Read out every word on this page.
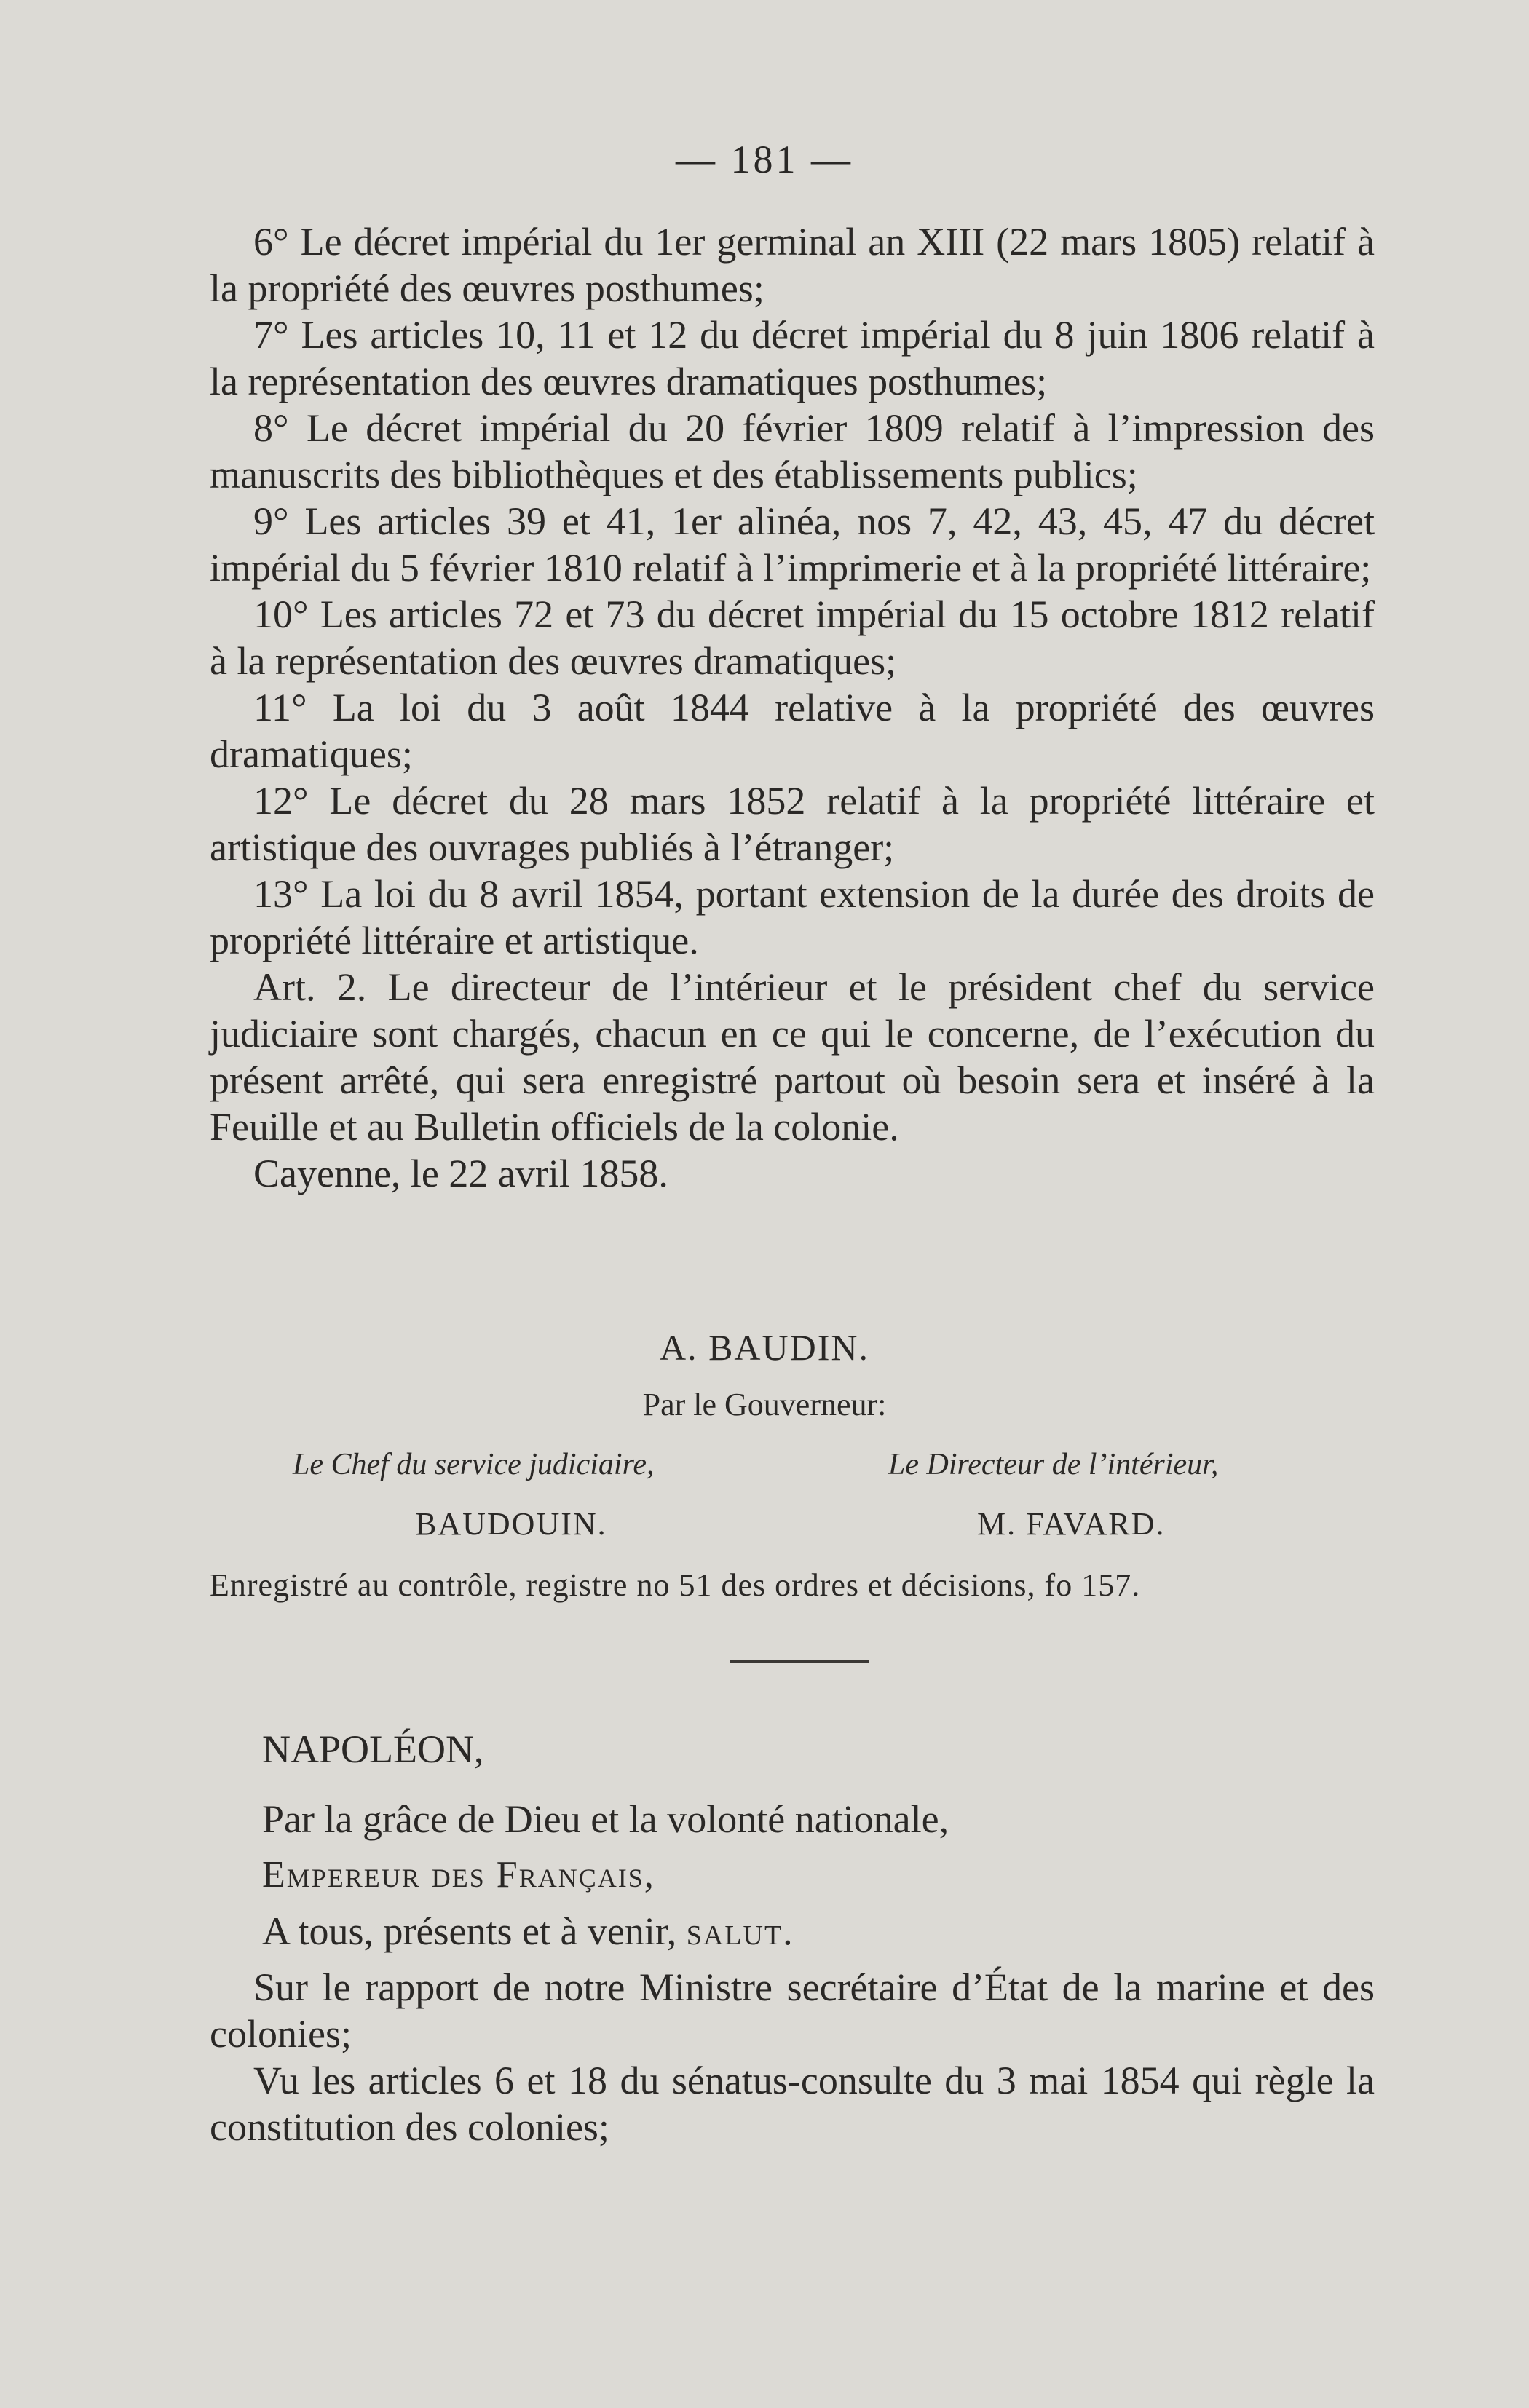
— 181 —

6° Le décret impérial du 1er germinal an XIII (22 mars 1805) relatif à la propriété des œuvres posthumes;

7° Les articles 10, 11 et 12 du décret impérial du 8 juin 1806 relatif à la représentation des œuvres dramatiques posthumes;

8° Le décret impérial du 20 février 1809 relatif à l’impression des manuscrits des bibliothèques et des établissements publics;

9° Les articles 39 et 41, 1er alinéa, nos 7, 42, 43, 45, 47 du décret impérial du 5 février 1810 relatif à l’imprimerie et à la propriété littéraire;

10° Les articles 72 et 73 du décret impérial du 15 octobre 1812 relatif à la représentation des œuvres dramatiques;

11° La loi du 3 août 1844 relative à la propriété des œuvres dramatiques;

12° Le décret du 28 mars 1852 relatif à la propriété littéraire et artistique des ouvrages publiés à l’étranger;

13° La loi du 8 avril 1854, portant extension de la durée des droits de propriété littéraire et artistique.

Art. 2. Le directeur de l’intérieur et le président chef du service judiciaire sont chargés, chacun en ce qui le concerne, de l’exécution du présent arrêté, qui sera enregistré partout où besoin sera et inséré à la Feuille et au Bulletin officiels de la colonie.

Cayenne, le 22 avril 1858.

A. BAUDIN.
Par le Gouverneur:
Le Chef du service judiciaire,	Le Directeur de l’intérieur,
BAUDOUIN.	M. FAVARD.
Enregistré au contrôle, registre no 51 des ordres et décisions, fo 157.
NAPOLÉON,
Par la grâce de Dieu et la volonté nationale,
Empereur des Français,
A tous, présents et à venir, salut.

Sur le rapport de notre Ministre secrétaire d’État de la marine et des colonies;

Vu les articles 6 et 18 du sénatus-consulte du 3 mai 1854 qui règle la constitution des colonies;
